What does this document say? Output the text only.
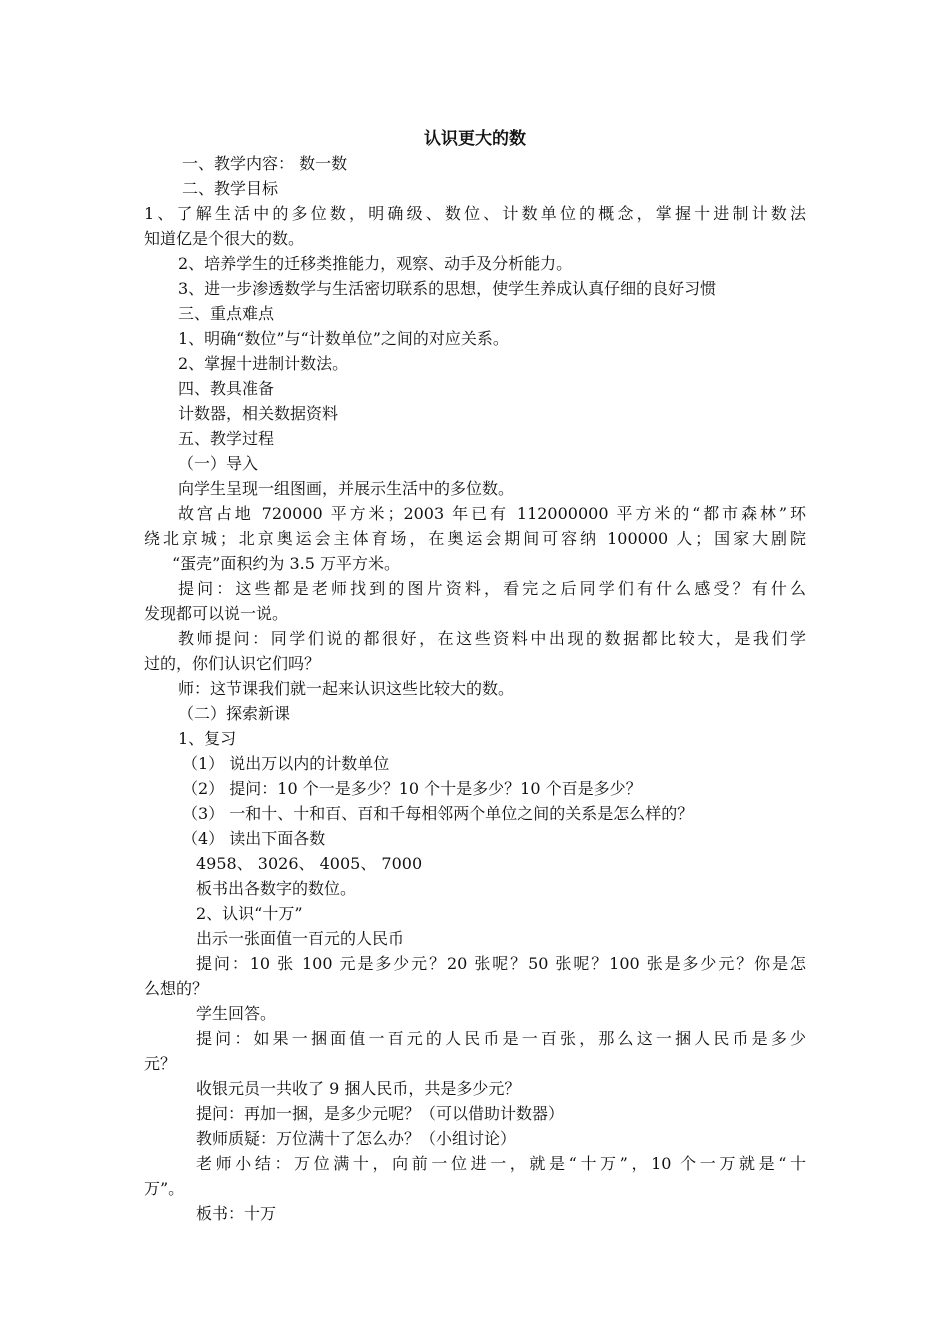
认识更大的数
一、教学内容： 数一数
二、教学目标
1、了解生活中的多位数，明确级、数位、计数单位的概念，掌握十进制计数法
知道亿是个很大的数。
2、培养学生的迁移类推能力，观察、动手及分析能力。
3、进一步渗透数学与生活密切联系的思想，使学生养成认真仔细的良好习惯
三、重点难点
1、明确“数位”与“计数单位”之间的对应关系。
2、掌握十进制计数法。
四、教具准备
计数器，相关数据资料
五、教学过程
（一）导入
向学生呈现一组图画，并展示生活中的多位数。
故宫占地 720000 平方米；2003 年已有 112000000 平方米的“都市森林”环
绕北京城；北京奥运会主体育场，在奥运会期间可容纳 100000 人；国家大剧院
“蛋壳”面积约为 3.5 万平方米。
提问：这些都是老师找到的图片资料，看完之后同学们有什么感受？有什么
发现都可以说一说。
教师提问：同学们说的都很好，在这些资料中出现的数据都比较大，是我们学
过的，你们认识它们吗？
师：这节课我们就一起来认识这些比较大的数。
（二）探索新课
1、复习
（1） 说出万以内的计数单位
（2） 提问：10 个一是多少？10 个十是多少？10 个百是多少？
（3） 一和十、十和百、百和千每相邻两个单位之间的关系是怎么样的？
（4） 读出下面各数
4958、 3026、 4005、 7000
板书出各数字的数位。
2、认识“十万”
出示一张面值一百元的人民币
提问：10 张 100 元是多少元？20 张呢？50 张呢？100 张是多少元？你是怎
么想的？
学生回答。
提问：如果一捆面值一百元的人民币是一百张，那么这一捆人民币是多少
元？
收银元员一共收了 9 捆人民币，共是多少元？
提问：再加一捆，是多少元呢？（可以借助计数器）
教师质疑：万位满十了怎么办？（小组讨论）
老师小结：万位满十，向前一位进一，就是“十万”，10 个一万就是“十
万”。
板书：十万
